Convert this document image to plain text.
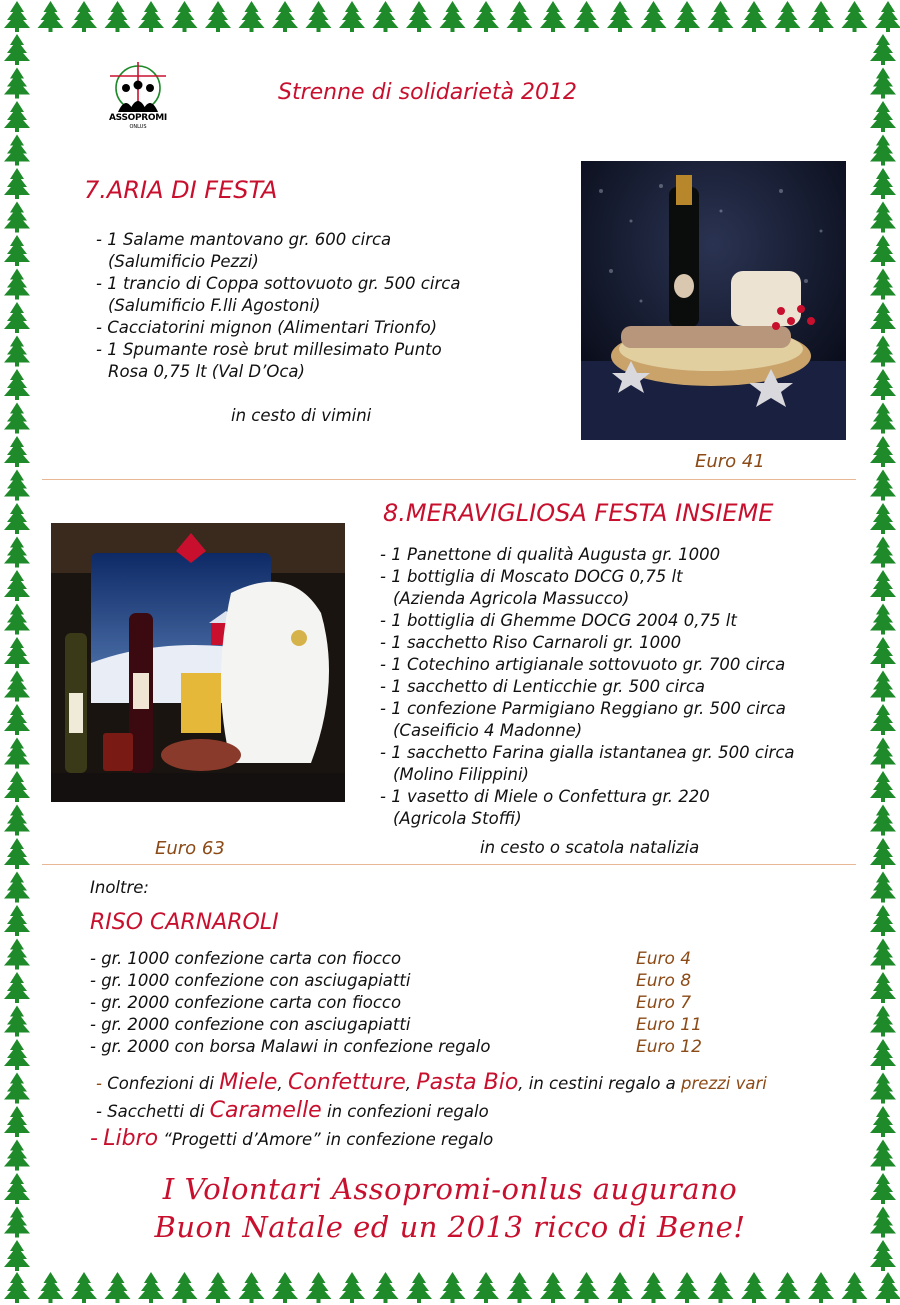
ASSOPROMI
ONLUS
Strenne di solidarietà 2012
7.ARIA DI FESTA
- 1 Salame mantovano gr. 600 circa
(Salumificio Pezzi)
- 1 trancio di Coppa sottovuoto gr. 500 circa
(Salumificio F.lli Agostoni)
- Cacciatorini mignon (Alimentari Trionfo)
- 1 Spumante rosè brut millesimato Punto
Rosa 0,75 lt (Val D’Oca)
in cesto di vimini
Euro 41
8.MERAVIGLIOSA FESTA INSIEME
- 1 Panettone di qualità Augusta gr. 1000
- 1 bottiglia di Moscato DOCG 0,75 lt
(Azienda Agricola Massucco)
- 1 bottiglia di Ghemme DOCG 2004 0,75 lt
- 1 sacchetto Riso Carnaroli gr. 1000
- 1 Cotechino artigianale sottovuoto gr. 700 circa
- 1 sacchetto di Lenticchie gr. 500 circa
- 1 confezione Parmigiano Reggiano gr. 500 circa
(Caseificio 4 Madonne)
- 1 sacchetto Farina gialla istantanea gr. 500 circa
(Molino Filippini)
- 1 vasetto di Miele o Confettura gr. 220
(Agricola Stoffi)
Euro 63	in cesto o scatola natalizia
Inoltre:
RISO CARNAROLI
- gr. 1000 confezione carta con fiocco	Euro 4
- gr. 1000 confezione con asciugapiatti	Euro 8
- gr. 2000 confezione carta con fiocco	Euro 7
- gr. 2000 confezione con asciugapiatti	Euro 11
- gr. 2000 con borsa Malawi in confezione regalo	Euro 12
- Confezioni di Miele, Confetture, Pasta Bio, in cestini regalo a prezzi vari
- Sacchetti di Caramelle in confezioni regalo
- Libro “Progetti d’Amore” in confezione regalo
I Volontari Assopromi-onlus augurano
Buon Natale ed un 2013 ricco di Bene!
